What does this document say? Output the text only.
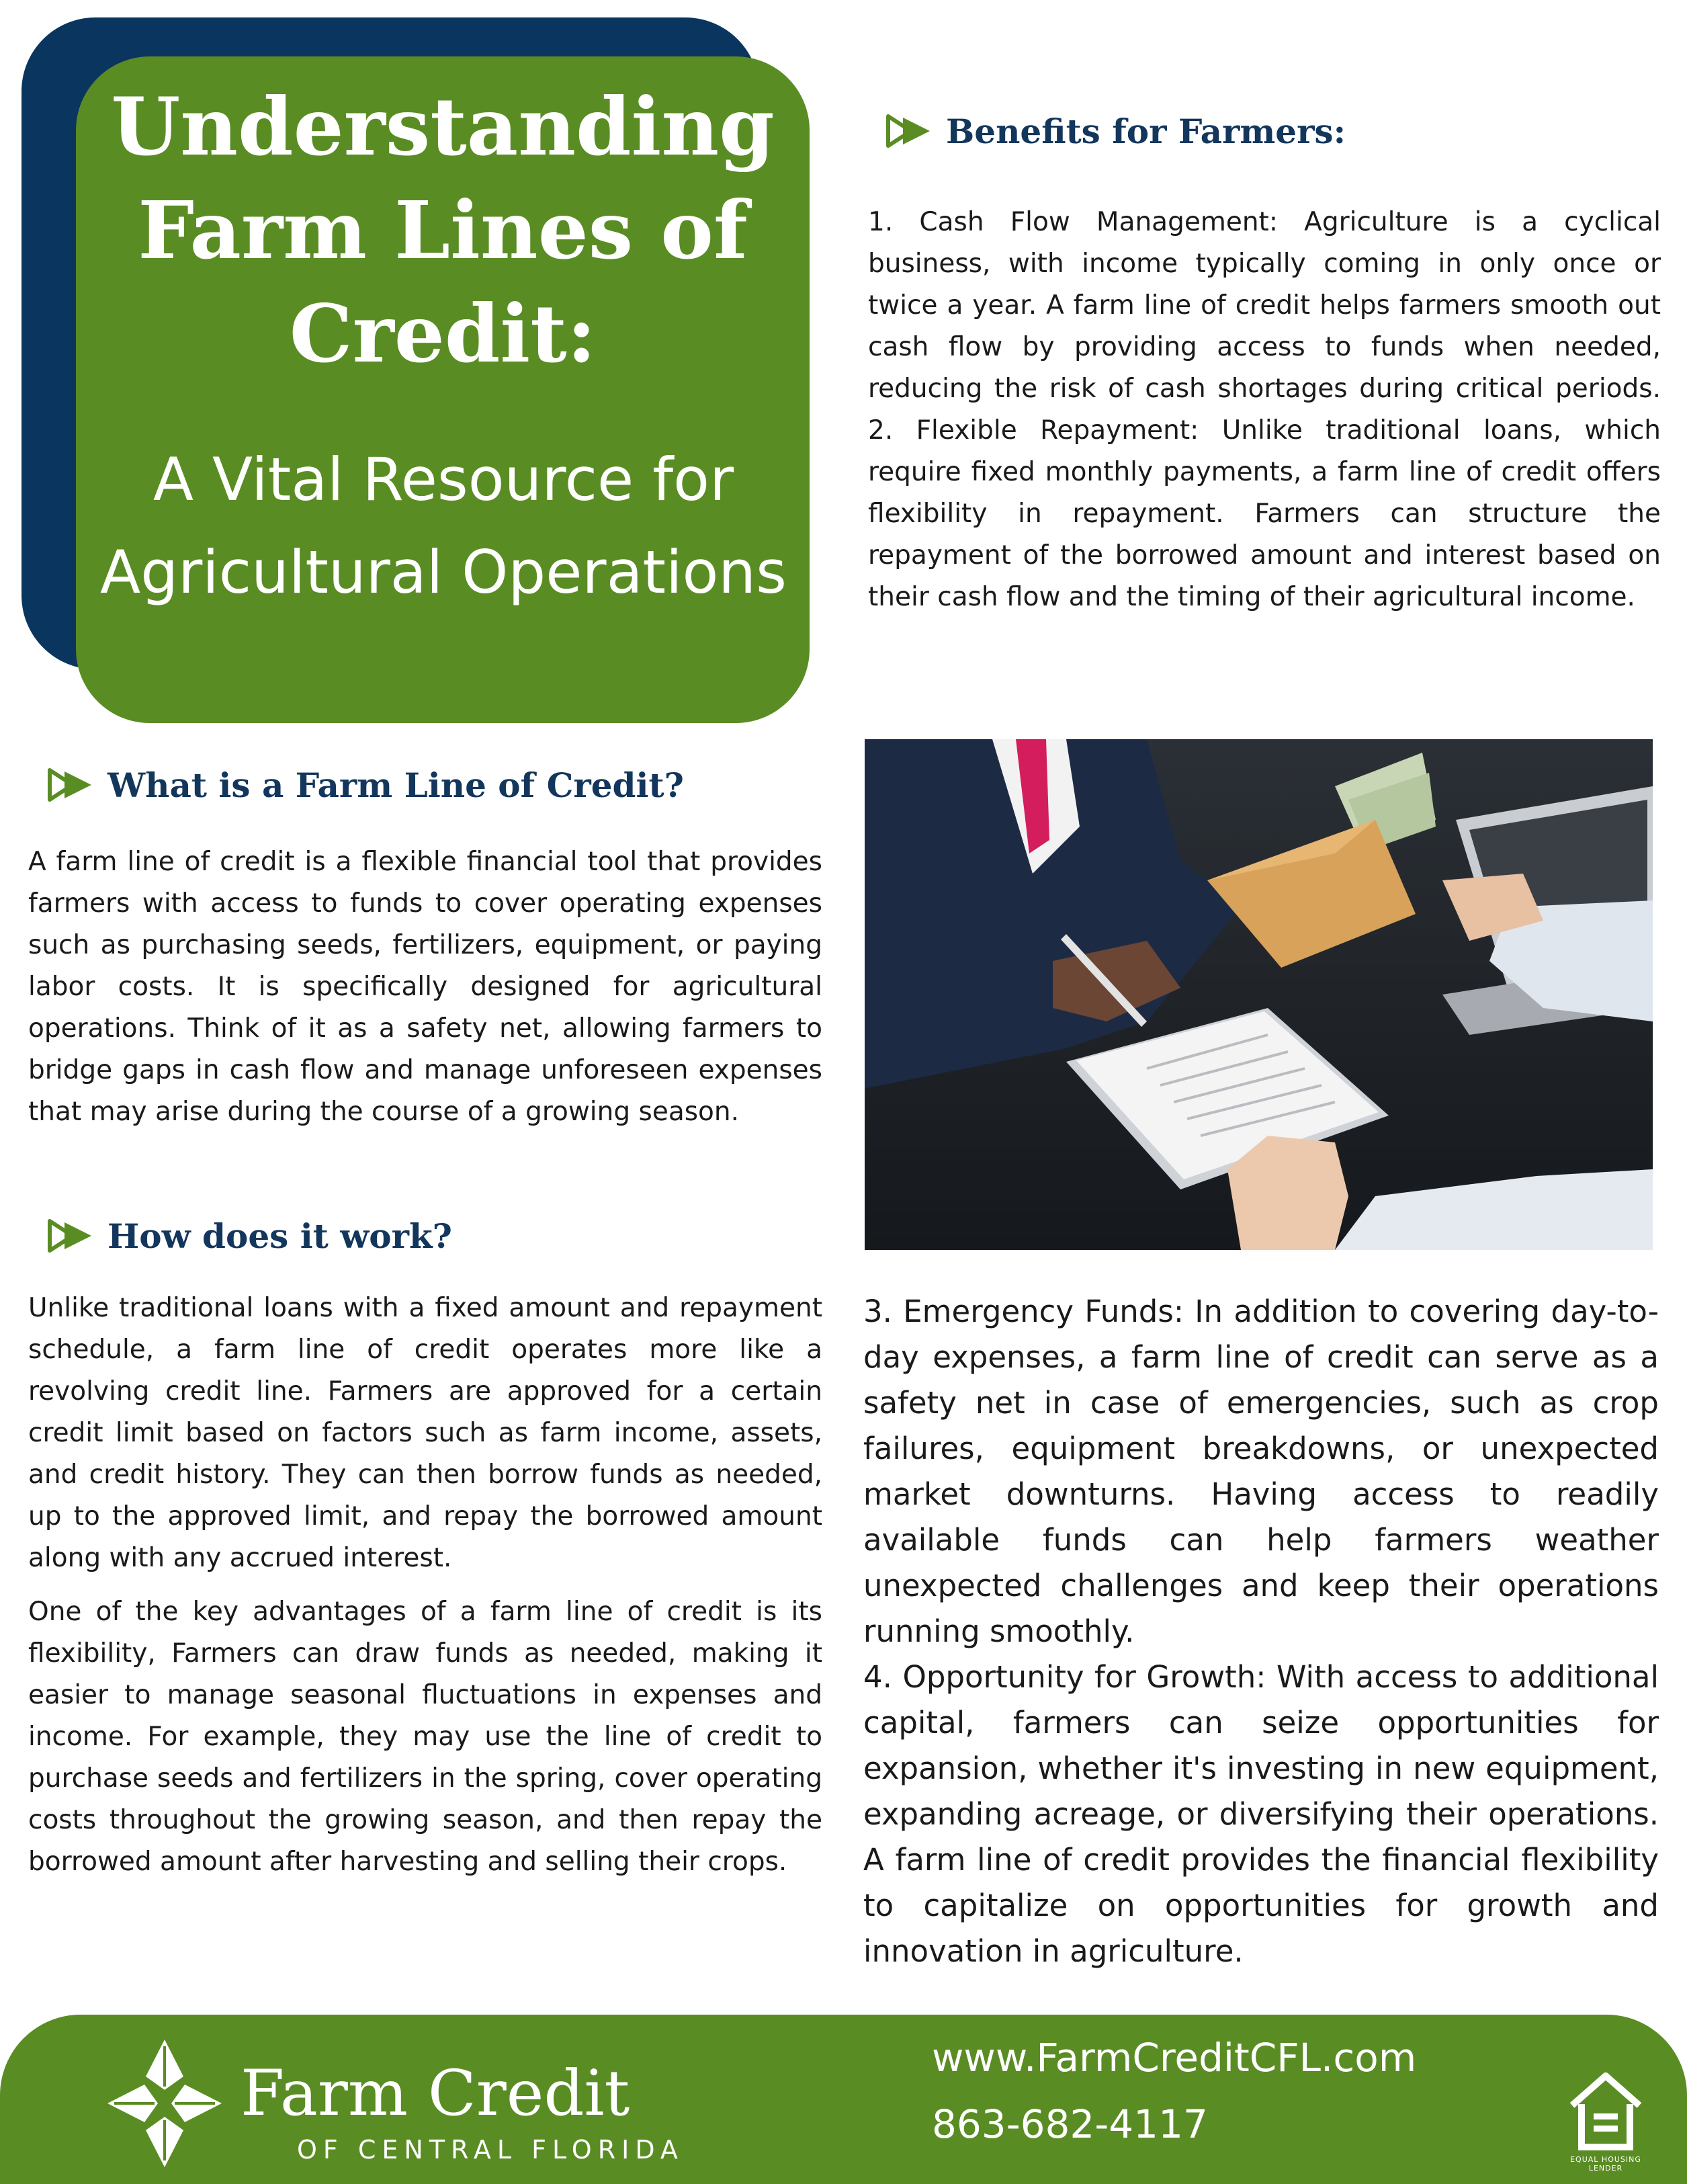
Understanding
Farm Lines of
Credit:
A Vital Resource for
Agricultural Operations
Benefits for Farmers:

1. Cash Flow Management: Agriculture is a cyclical business, with income typically coming in only once or twice a year. A farm line of credit helps farmers smooth out cash flow by providing access to funds when needed, reducing the risk of cash shortages during critical periods. 2. Flexible Repayment: Unlike traditional loans, which require fixed monthly payments, a farm line of credit offers flexibility in repayment. Farmers can structure the repayment of the borrowed amount and interest based on their cash flow and the timing of their agricultural income.

What is a Farm Line of Credit?

A farm line of credit is a flexible financial tool that provides farmers with access to funds to cover operating expenses such as purchasing seeds, fertilizers, equipment, or paying labor costs. It is specifically designed for agricultural operations. Think of it as a safety net, allowing farmers to bridge gaps in cash flow and manage unforeseen expenses that may arise during the course of a growing season.

How does it work?

Unlike traditional loans with a fixed amount and repayment schedule, a farm line of credit operates more like a revolving credit line. Farmers are approved for a certain credit limit based on factors such as farm income, assets, and credit history. They can then borrow funds as needed, up to the approved limit, and repay the borrowed amount along with any accrued interest.

One of the key advantages of a farm line of credit is its flexibility, Farmers can draw funds as needed, making it easier to manage seasonal fluctuations in expenses and income. For example, they may use the line of credit to purchase seeds and fertilizers in the spring, cover operating costs throughout the growing season, and then repay the borrowed amount after harvesting and selling their crops.

3. Emergency Funds: In addition to covering day-to-day expenses, a farm line of credit can serve as a safety net in case of emergencies, such as crop failures, equipment breakdowns, or unexpected market downturns. Having access to readily available funds can help farmers weather unexpected challenges and keep their operations running smoothly.

4. Opportunity for Growth: With access to additional capital, farmers can seize opportunities for expansion, whether it's investing in new equipment, expanding acreage, or diversifying their operations. A farm line of credit provides the financial flexibility to capitalize on opportunities for growth and innovation in agriculture.

Farm Credit
OF CENTRAL FLORIDA
www.FarmCreditCFL.com
863-682-4117
EQUAL HOUSING
LENDER
